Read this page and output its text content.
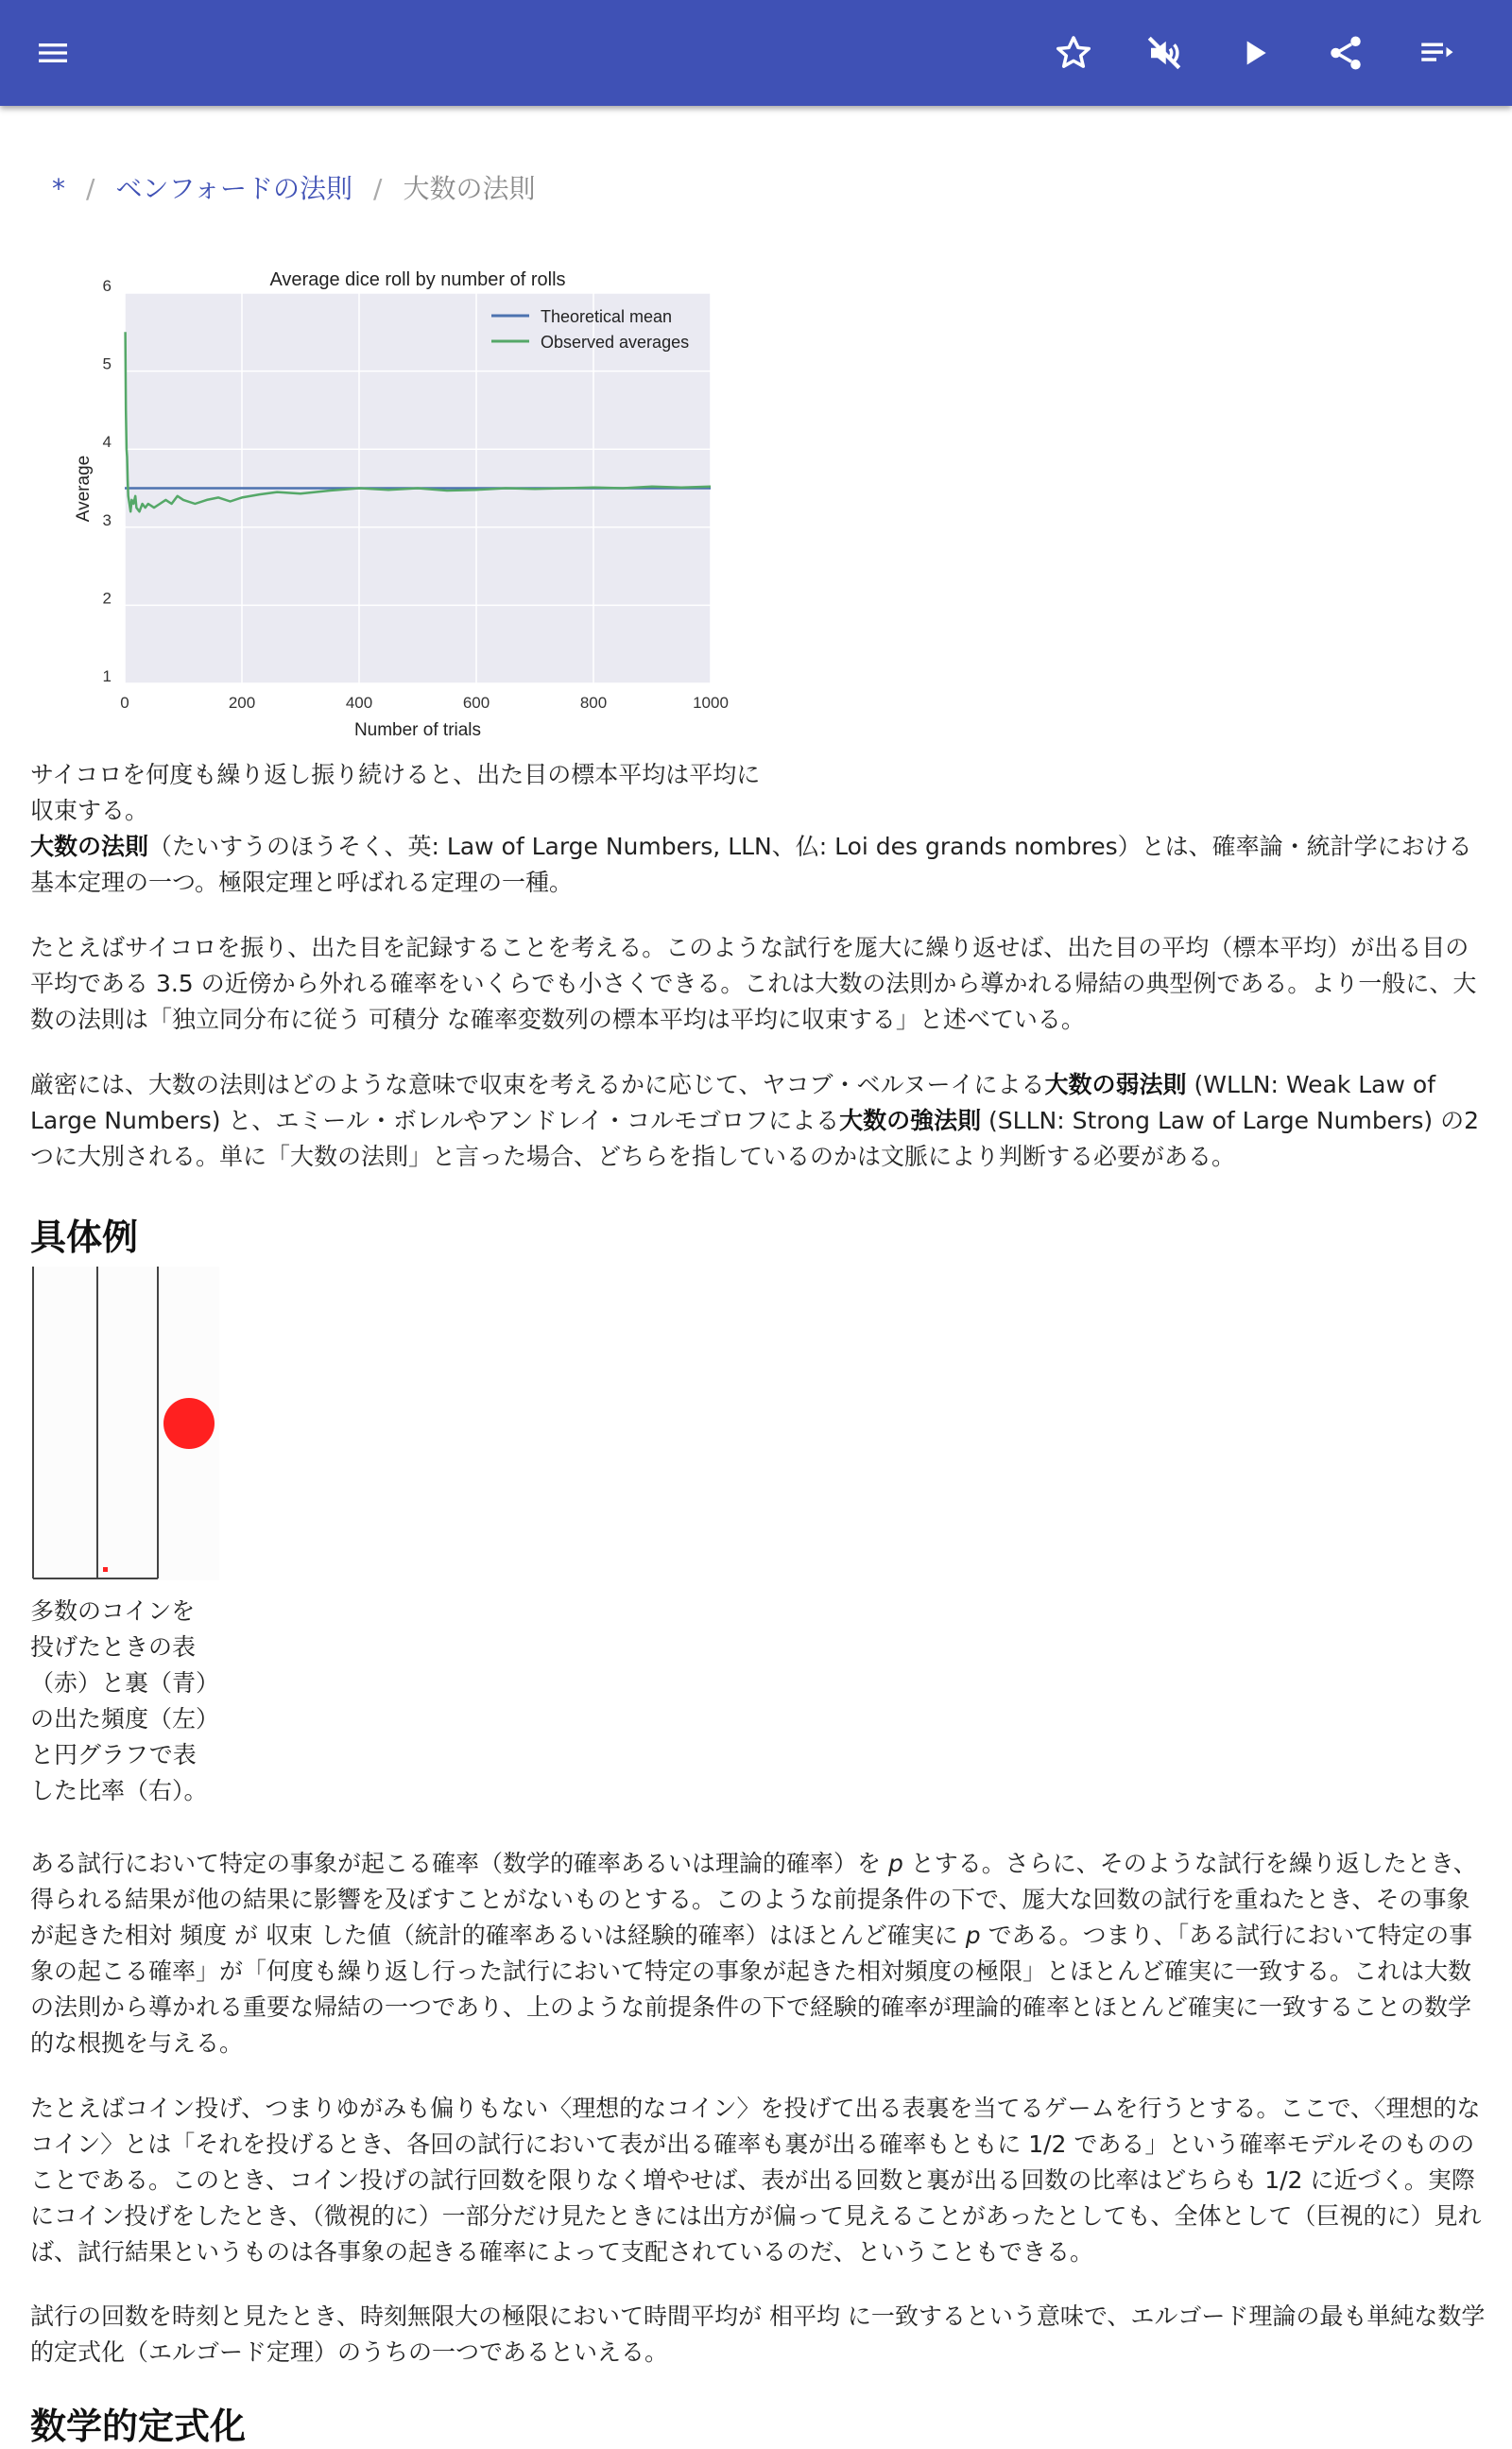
* / ベンフォードの法則 / 大数の法則
0	200	400	600	800	1000
1
2
3
4
5
6	Average dice roll by number of rolls
Number of trials
Average
Theoretical mean
Observed averages
サイコロを何度も繰り返し振り続けると、出た目の標本平均は平均に収束する。
大数の法則（たいすうのほうそく、英: Law of Large Numbers, LLN、仏: Loi des grands nombres）とは、確率論・統計学における基本定理の一つ。極限定理と呼ばれる定理の一種。
たとえばサイコロを振り、出た目を記録することを考える。このような試行を厖大に繰り返せば、出た目の平均（標本平均）が出る目の平均である 3.5 の近傍から外れる確率をいくらでも小さくできる。これは大数の法則から導かれる帰結の典型例である。より一般に、大数の法則は「独立同分布に従う 可積分 な確率変数列の標本平均は平均に収束する」と述べている。
厳密には、大数の法則はどのような意味で収束を考えるかに応じて、ヤコブ・ベルヌーイによる大数の弱法則 (WLLN: Weak Law of Large Numbers) と、エミール・ボレルやアンドレイ・コルモゴロフによる大数の強法則 (SLLN: Strong Law of Large Numbers) の2つに大別される。単に「大数の法則」と言った場合、どちらを指しているのかは文脈により判断する必要がある。
具体例
多数のコインを投げたときの表（赤）と裏（青）の出た頻度（左）と円グラフで表した比率（右）。
ある試行において特定の事象が起こる確率（数学的確率あるいは理論的確率）を p とする。さらに、そのような試行を繰り返したとき、得られる結果が他の結果に影響を及ぼすことがないものとする。このような前提条件の下で、厖大な回数の試行を重ねたとき、その事象が起きた相対 頻度 が 収束 した値（統計的確率あるいは経験的確率）はほとんど確実に p である。つまり、「ある試行において特定の事象の起こる確率」が「何度も繰り返し行った試行において特定の事象が起きた相対頻度の極限」とほとんど確実に一致する。これは大数の法則から導かれる重要な帰結の一つであり、上のような前提条件の下で経験的確率が理論的確率とほとんど確実に一致することの数学的な根拠を与える。
たとえばコイン投げ、つまりゆがみも偏りもない〈理想的なコイン〉を投げて出る表裏を当てるゲームを行うとする。ここで、〈理想的なコイン〉とは「それを投げるとき、各回の試行において表が出る確率も裏が出る確率もともに 1/2 である」という確率モデルそのもののことである。このとき、コイン投げの試行回数を限りなく増やせば、表が出る回数と裏が出る回数の比率はどちらも 1/2 に近づく。実際にコイン投げをしたとき、（微視的に）一部分だけ見たときには出方が偏って見えることがあったとしても、全体として（巨視的に）見れば、試行結果というものは各事象の起きる確率によって支配されているのだ、ということもできる。
試行の回数を時刻と見たとき、時刻無限大の極限において時間平均が 相平均 に一致するという意味で、エルゴード理論の最も単純な数学的定式化（エルゴード定理）のうちの一つであるといえる。
数学的定式化
